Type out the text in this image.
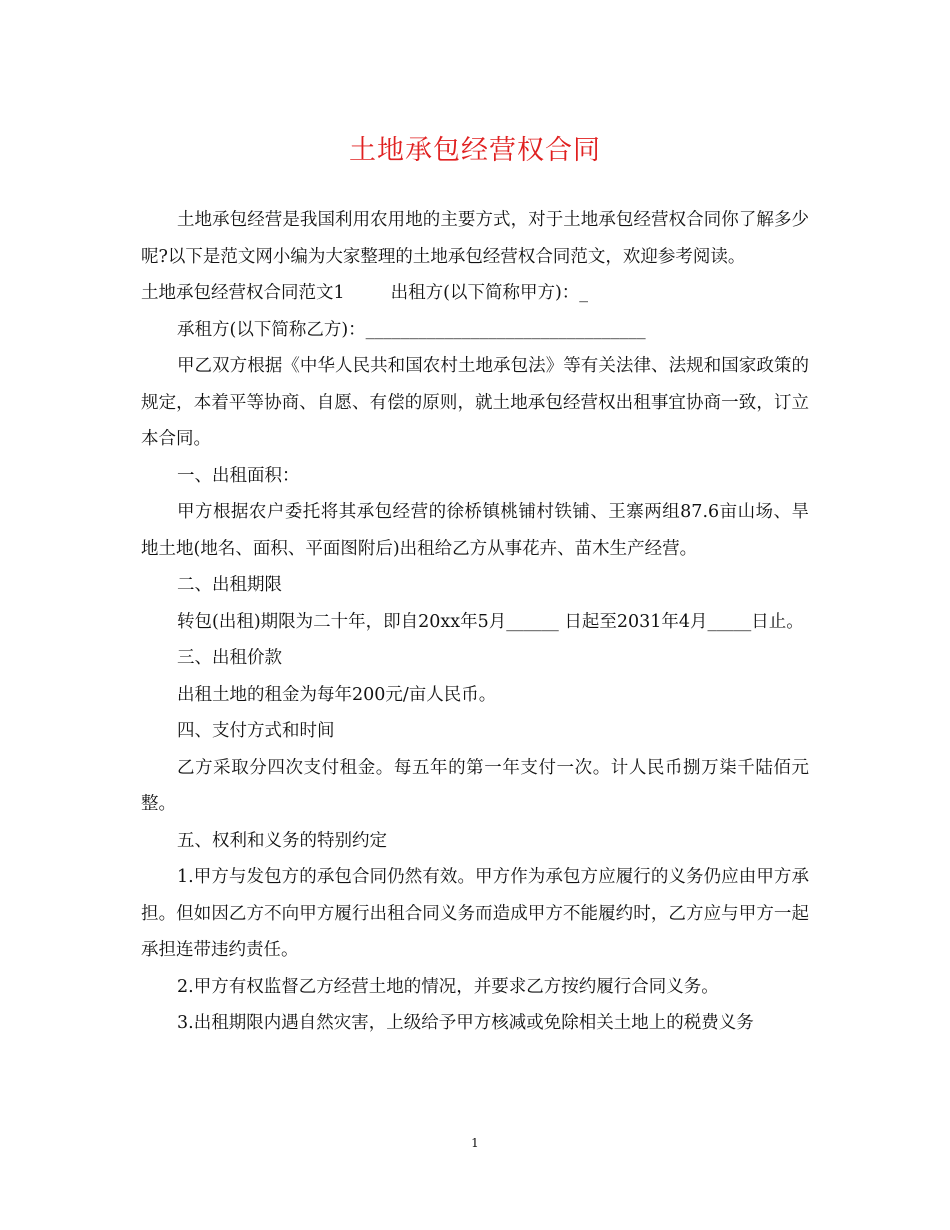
土地承包经营权合同

土地承包经营是我国利用农用地的主要方式，对于土地承包经营权合同你了解多少呢?以下是范文网小编为大家整理的土地承包经营权合同范文，欢迎参考阅读。

土地承包经营权合同范文1	出租方(以下简称甲方)：_

承租方(以下简称乙方)：________________________________

甲乙双方根据《中华人民共和国农村土地承包法》等有关法律、法规和国家政策的规定，本着平等协商、自愿、有偿的原则，就土地承包经营权出租事宜协商一致，订立本合同。

一、出租面积：

甲方根据农户委托将其承包经营的徐桥镇桃铺村铁铺、王寨两组87.6亩山场、旱地土地(地名、面积、平面图附后)出租给乙方从事花卉、苗木生产经营。

二、出租期限

转包(出租)期限为二十年，即自20xx年5月______ 日起至2031年4月_____日止。

三、出租价款

出租土地的租金为每年200元/亩人民币。

四、支付方式和时间

乙方采取分四次支付租金。每五年的第一年支付一次。计人民币捌万柒千陆佰元整。

五、权利和义务的特别约定

1.甲方与发包方的承包合同仍然有效。甲方作为承包方应履行的义务仍应由甲方承担。但如因乙方不向甲方履行出租合同义务而造成甲方不能履约时，乙方应与甲方一起承担连带违约责任。

2.甲方有权监督乙方经营土地的情况，并要求乙方按约履行合同义务。

3.出租期限内遇自然灾害，上级给予甲方核减或免除相关土地上的税费义务

1
